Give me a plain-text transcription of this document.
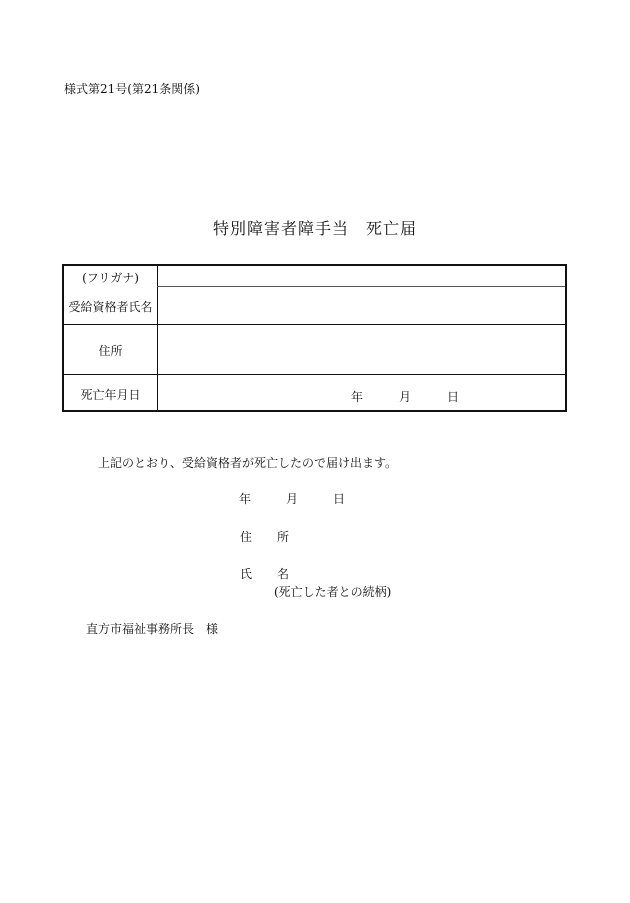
様式第21号(第21条関係)
特別障害者障手当　死亡届
(フリガナ)
受給資格者氏名
住所
死亡年月日	年	月	日
上記のとおり、受給資格者が死亡したので届け出ます。
年	月	日
住 所
氏 名
(死亡した者との続柄)
直方市福祉事務所長　様
